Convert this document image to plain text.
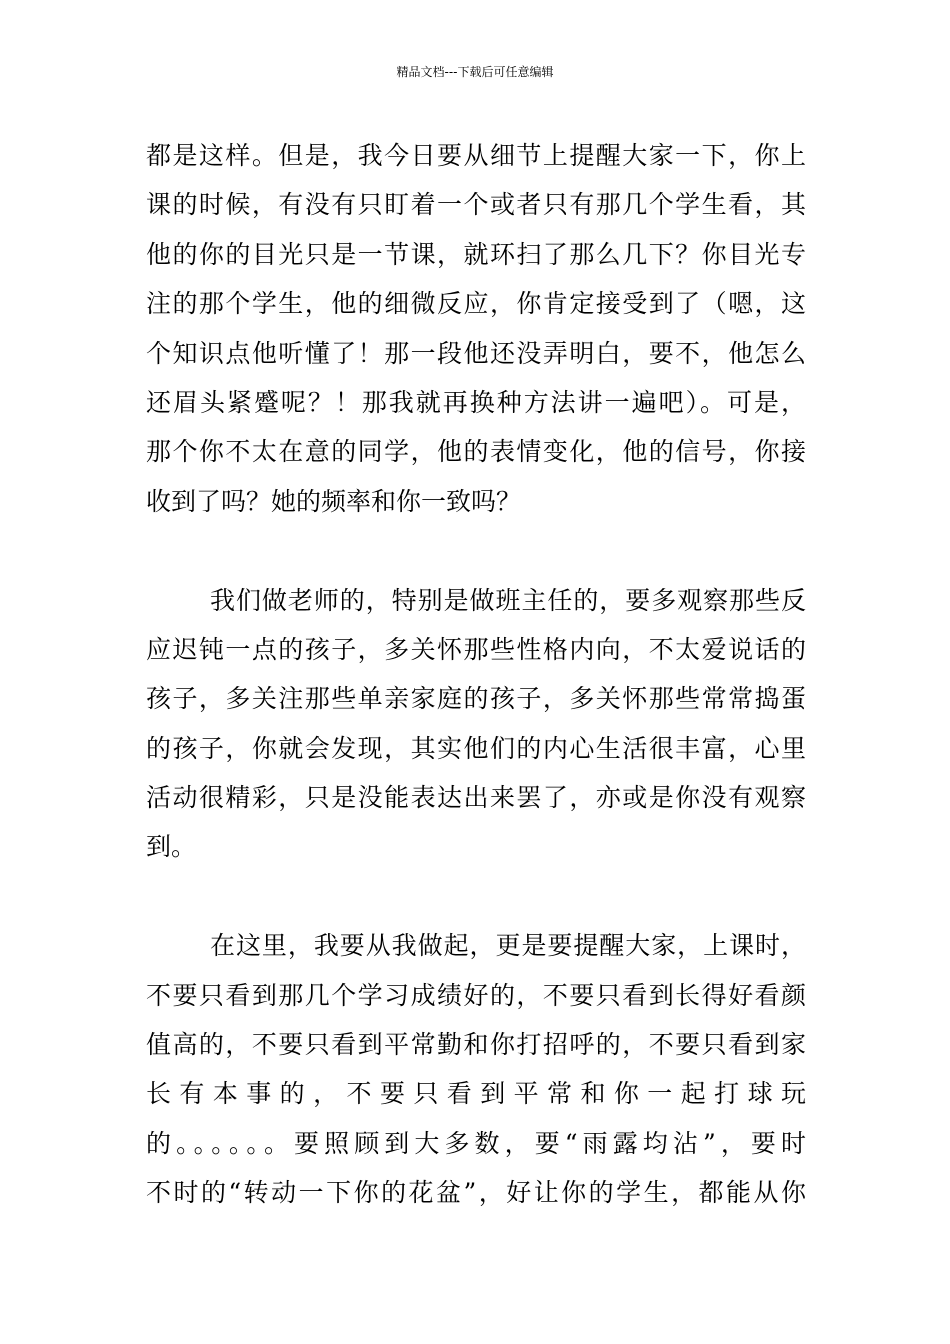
精品文档---下载后可任意编辑
都是这样。但是，我今日要从细节上提醒大家一下，你上
课的时候，有没有只盯着一个或者只有那几个学生看，其
他的你的目光只是一节课，就环扫了那么几下？你目光专
注的那个学生，他的细微反应，你肯定接受到了（嗯，这
个知识点他听懂了！那一段他还没弄明白，要不，他怎么
还眉头紧蹙呢？！那我就再换种方法讲一遍吧）。可是，
那个你不太在意的同学，他的表情变化，他的信号，你接
收到了吗？她的频率和你一致吗？
我们做老师的，特别是做班主任的，要多观察那些反
应迟钝一点的孩子，多关怀那些性格内向，不太爱说话的
孩子，多关注那些单亲家庭的孩子，多关怀那些常常捣蛋
的孩子，你就会发现，其实他们的内心生活很丰富，心里
活动很精彩，只是没能表达出来罢了，亦或是你没有观察
到。
在这里，我要从我做起，更是要提醒大家，上课时，
不要只看到那几个学习成绩好的，不要只看到长得好看颜
值高的，不要只看到平常勤和你打招呼的，不要只看到家
长有本事的，不要只看到平常和你一起打球玩
的。。。。。。要照顾到大多数，要“雨露均沾”，要时
不时的“转动一下你的花盆”，好让你的学生，都能从你
